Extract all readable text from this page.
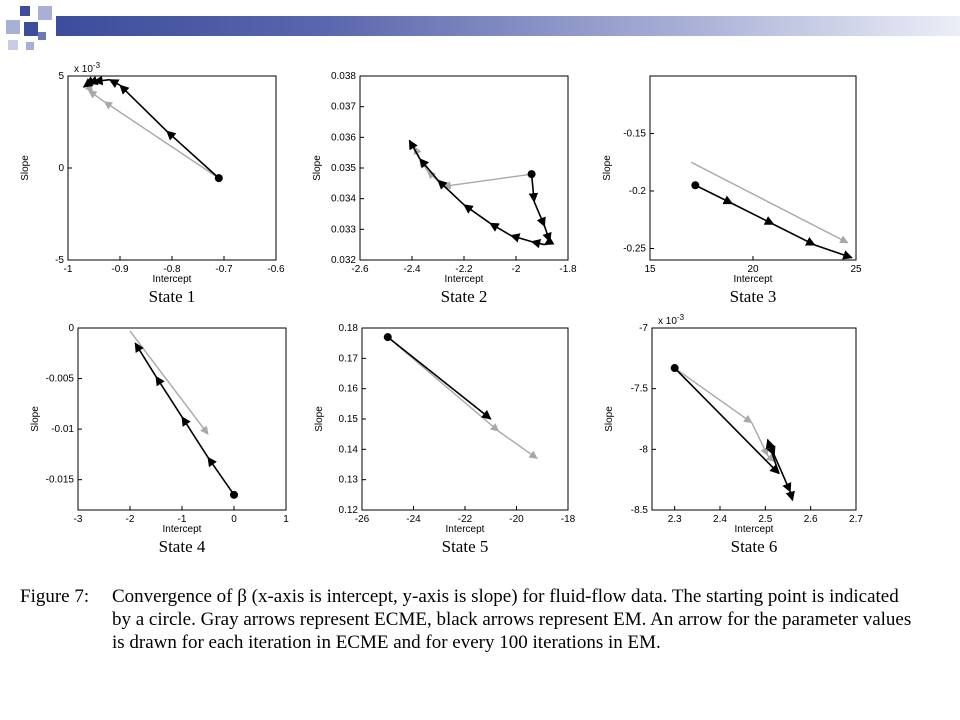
-1	-0.9	-0.8	-0.7	-0.6
-5
0
5
x $10^{-3}$
Intercept
Slope
State 1
-2.6	-2.4	-2.2	-2	-1.8
0.032
0.033
0.034
0.035
0.036
0.037
0.038
Intercept
Slope
State 2
15	20	25
-0.25
-0.2
-0.15
Intercept
Slope
State 3
-3	-2	-1	0	1
-0.015
-0.01
-0.005
0
Intercept
Slope
State 4
-26	-24	-22	-20	-18
0.12
0.13
0.14
0.15
0.16
0.17
0.18
Intercept
Slope
State 5
2.3	2.4	2.5	2.6	2.7
-8.5
-8
-7.5
-7
x $10^{-3}$
Intercept
Slope
State 6
Figure 7: Convergence of β (x-axis is intercept, y-axis is slope) for fluid-flow data. The starting point is indicated by a circle. Gray arrows represent ECME, black arrows represent EM. An arrow for the parameter values is drawn for each iteration in ECME and for every 100 iterations in EM.
